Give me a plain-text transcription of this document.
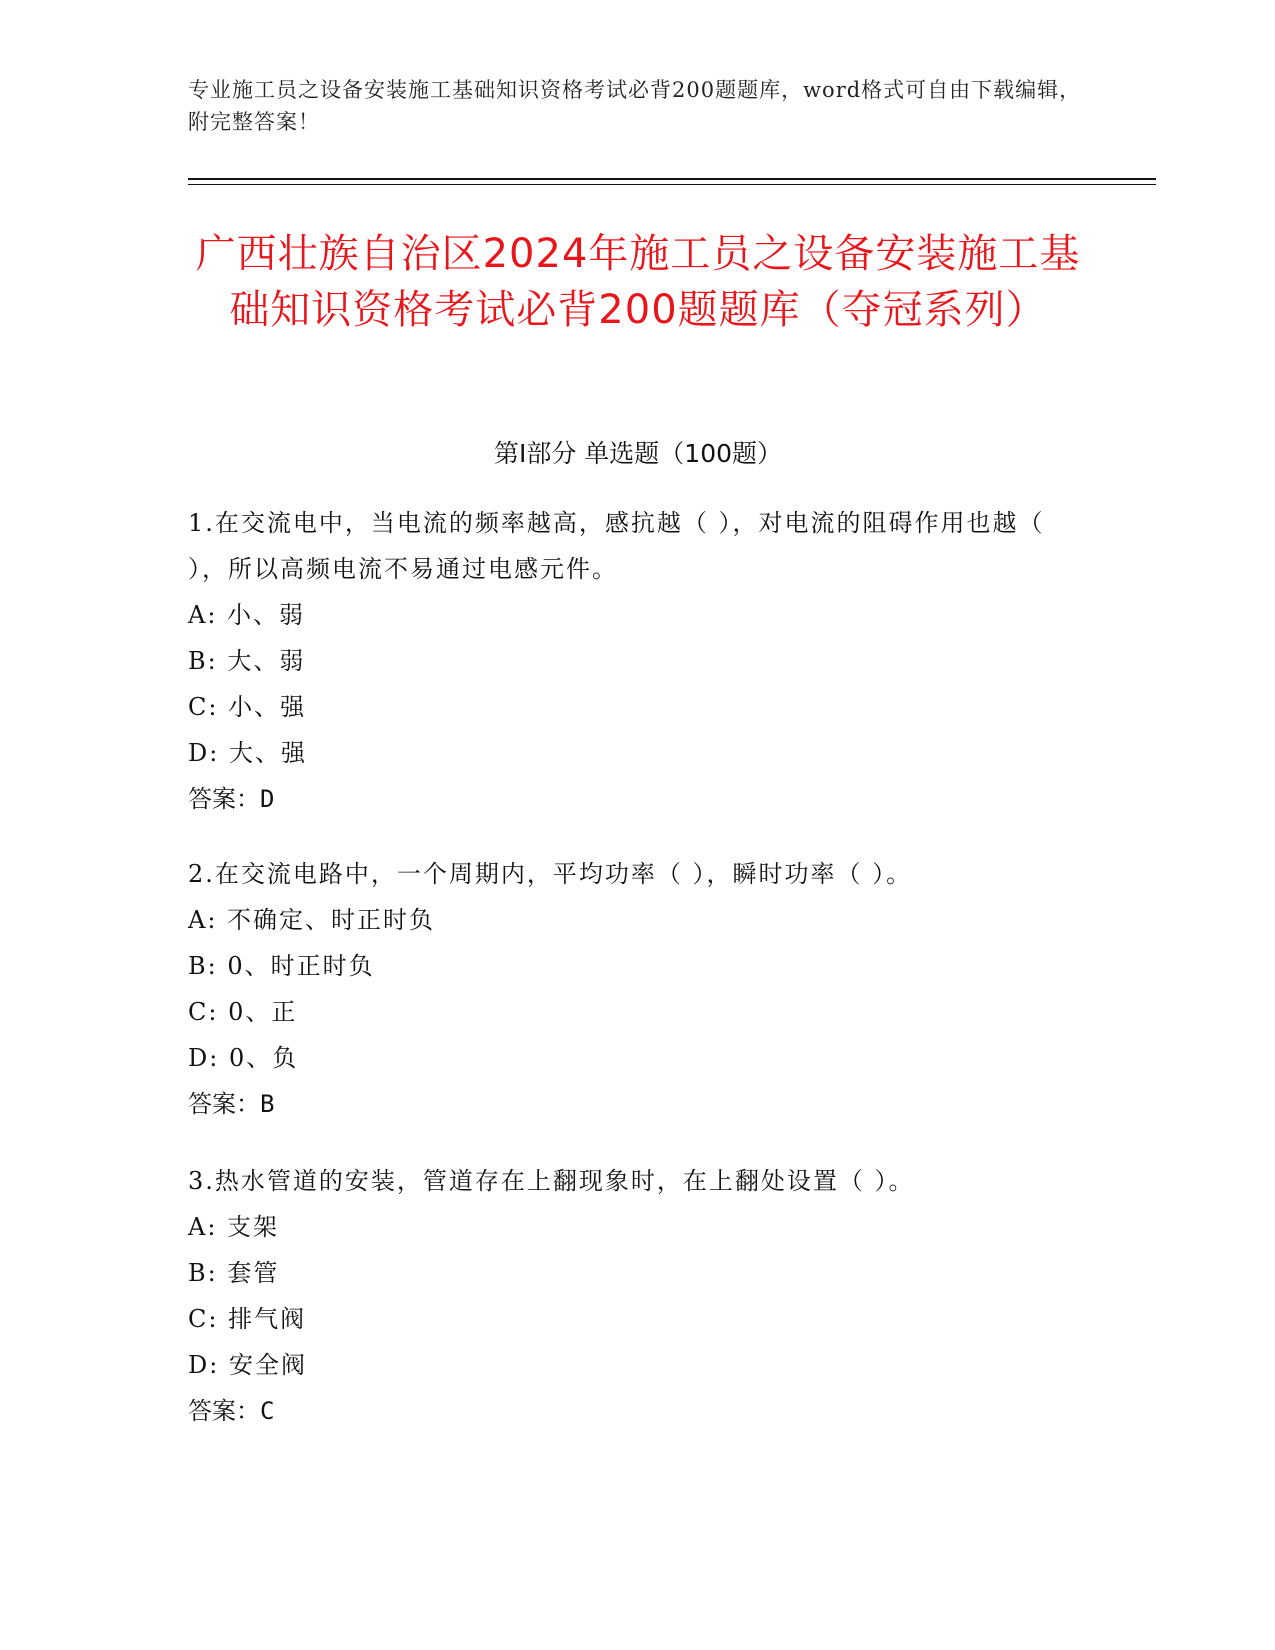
专业施工员之设备安装施工基础知识资格考试必背200题题库，word格式可自由下载编辑，附完整答案！
广西壮族自治区2024年施工员之设备安装施工基础知识资格考试必背200题题库（夺冠系列）
第Ⅰ部分 单选题（100题）

1.在交流电中，当电流的频率越高，感抗越（ ），对电流的阻碍作用也越（ ），所以高频电流不易通过电感元件。

A: 小、弱

B: 大、弱

C: 小、强

D: 大、强

答案：D

2.在交流电路中，一个周期内，平均功率（ ），瞬时功率（ ）。

A: 不确定、时正时负

B: 0、时正时负

C: 0、正

D: 0、负

答案：B

3.热水管道的安装，管道存在上翻现象时，在上翻处设置（ ）。

A: 支架

B: 套管

C: 排气阀

D: 安全阀

答案：C
